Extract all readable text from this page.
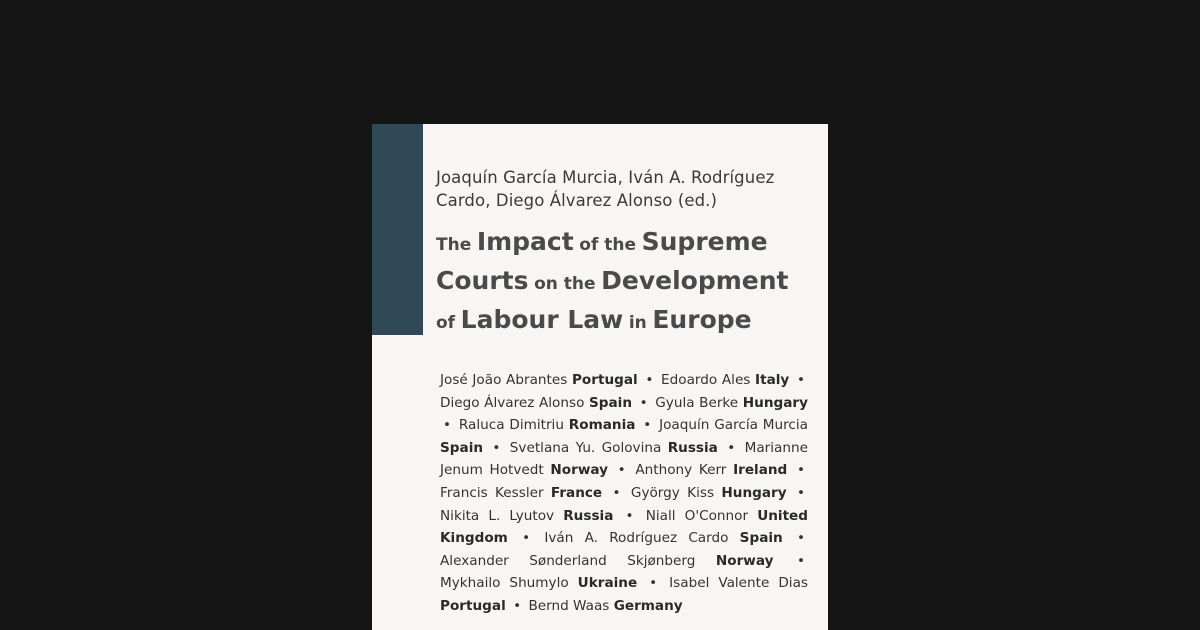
Joaquín García Murcia, Iván A. Rodríguez
Cardo, Diego Álvarez Alonso (ed.)
The Impact of the Supreme
Courts on the Development
of Labour Law in Europe
José João Abrantes Portugal • Edoardo Ales Italy • Diego Álvarez Alonso Spain • Gyula Berke Hungary • Raluca Dimitriu Romania • Joaquín García Murcia Spain • Svetlana Yu. Golovina Russia • Marianne Jenum Hotvedt Norway • Anthony Kerr Ireland • Francis Kessler France • György Kiss Hungary • Nikita L. Lyutov Russia • Niall O'Connor United Kingdom • Iván A. Rodríguez Cardo Spain • Alexander Sønderland Skjønberg Norway • Mykhailo Shumylo Ukraine • Isabel Valente Dias Portugal • Bernd Waas Germany
